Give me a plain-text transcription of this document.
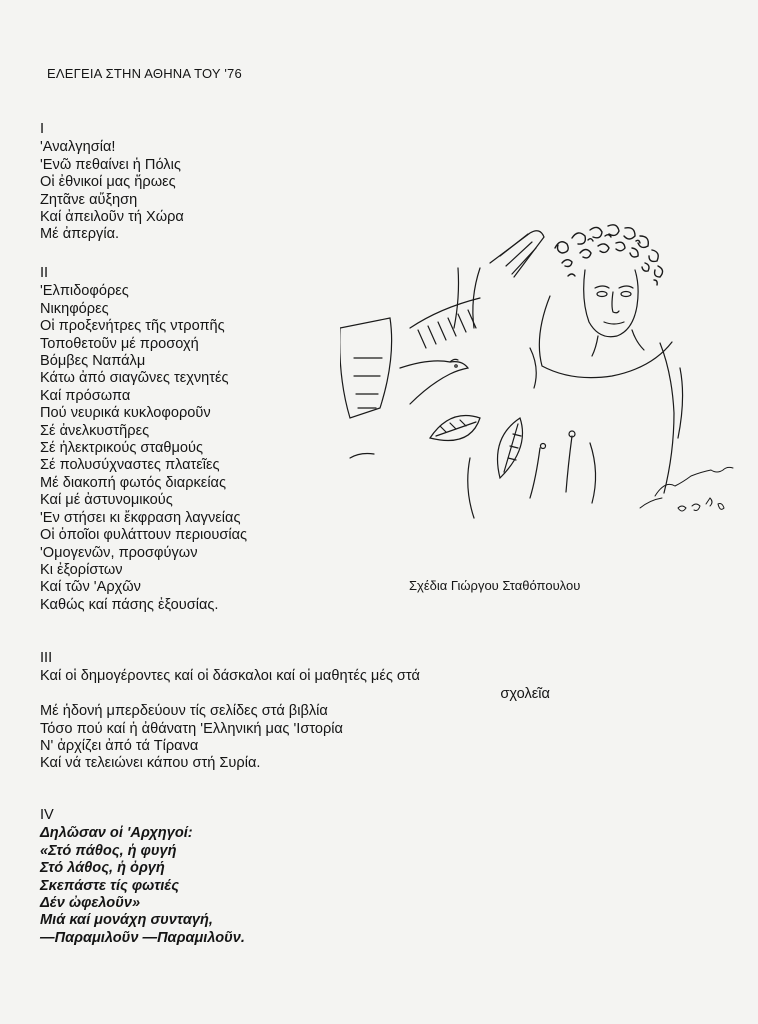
ΕΛΕΓΕΙΑ ΣΤΗΝ ΑΘΗΝΑ ΤΟΥ '76
I
'Αναλγησία!
'Ενῶ πεθαίνει ἡ Πόλις
Οἱ ἐθνικοί μας ἥρωες
Ζητᾶνε αὔξηση
Καί ἀπειλοῦν τή Χώρα
Μέ ἀπεργία.
II
'Ελπιδοφόρες
Νικηφόρες
Οἱ προξενήτρες τῆς ντροπῆς
Τοποθετοῦν μέ προσοχή
Βόμβες Ναπάλμ
Κάτω ἀπό σιαγῶνες τεχνητές
Καί πρόσωπα
Πού νευρικά κυκλοφοροῦν
Σέ ἀνελκυστῆρες
Σέ ἠλεκτρικούς σταθμούς
Σέ πολυσύχναστες πλατεῖες
Μέ διακοπή φωτός διαρκείας
Καί μέ ἀστυνομικούς
'Εν στήσει κι ἔκφραση λαγνείας
Οἱ ὁποῖοι φυλάττουν περιουσίας
'Ομογενῶν, προσφύγων
Κι ἐξορίστων
Καί τῶν 'Αρχῶν
Καθώς καί πάσης ἐξουσίας.
III
Καί οἱ δημογέροντες καί οἱ δάσκαλοι καί οἱ μαθητές μές στά
σχολεῖα
Μέ ἡδονή μπερδεύουν τίς σελίδες στά βιβλία
Τόσο πού καί ἡ ἀθάνατη 'Ελληνική μας 'Ιστορία
Ν' ἀρχίζει ἀπό τά Τίρανα
Καί νά τελειώνει κάπου στή Συρία.
IV
Δηλῶσαν οἱ 'Αρχηγοί:
«Στό πάθος, ἡ φυγή
Στό λάθος, ἡ ὀργή
Σκεπάστε τίς φωτιές
Δέν ὠφελοῦν»
Μιά καί μονάχη συνταγή,
—Παραμιλοῦν —Παραμιλοῦν.
Σχέδια Γιώργου Σταθόπουλου
